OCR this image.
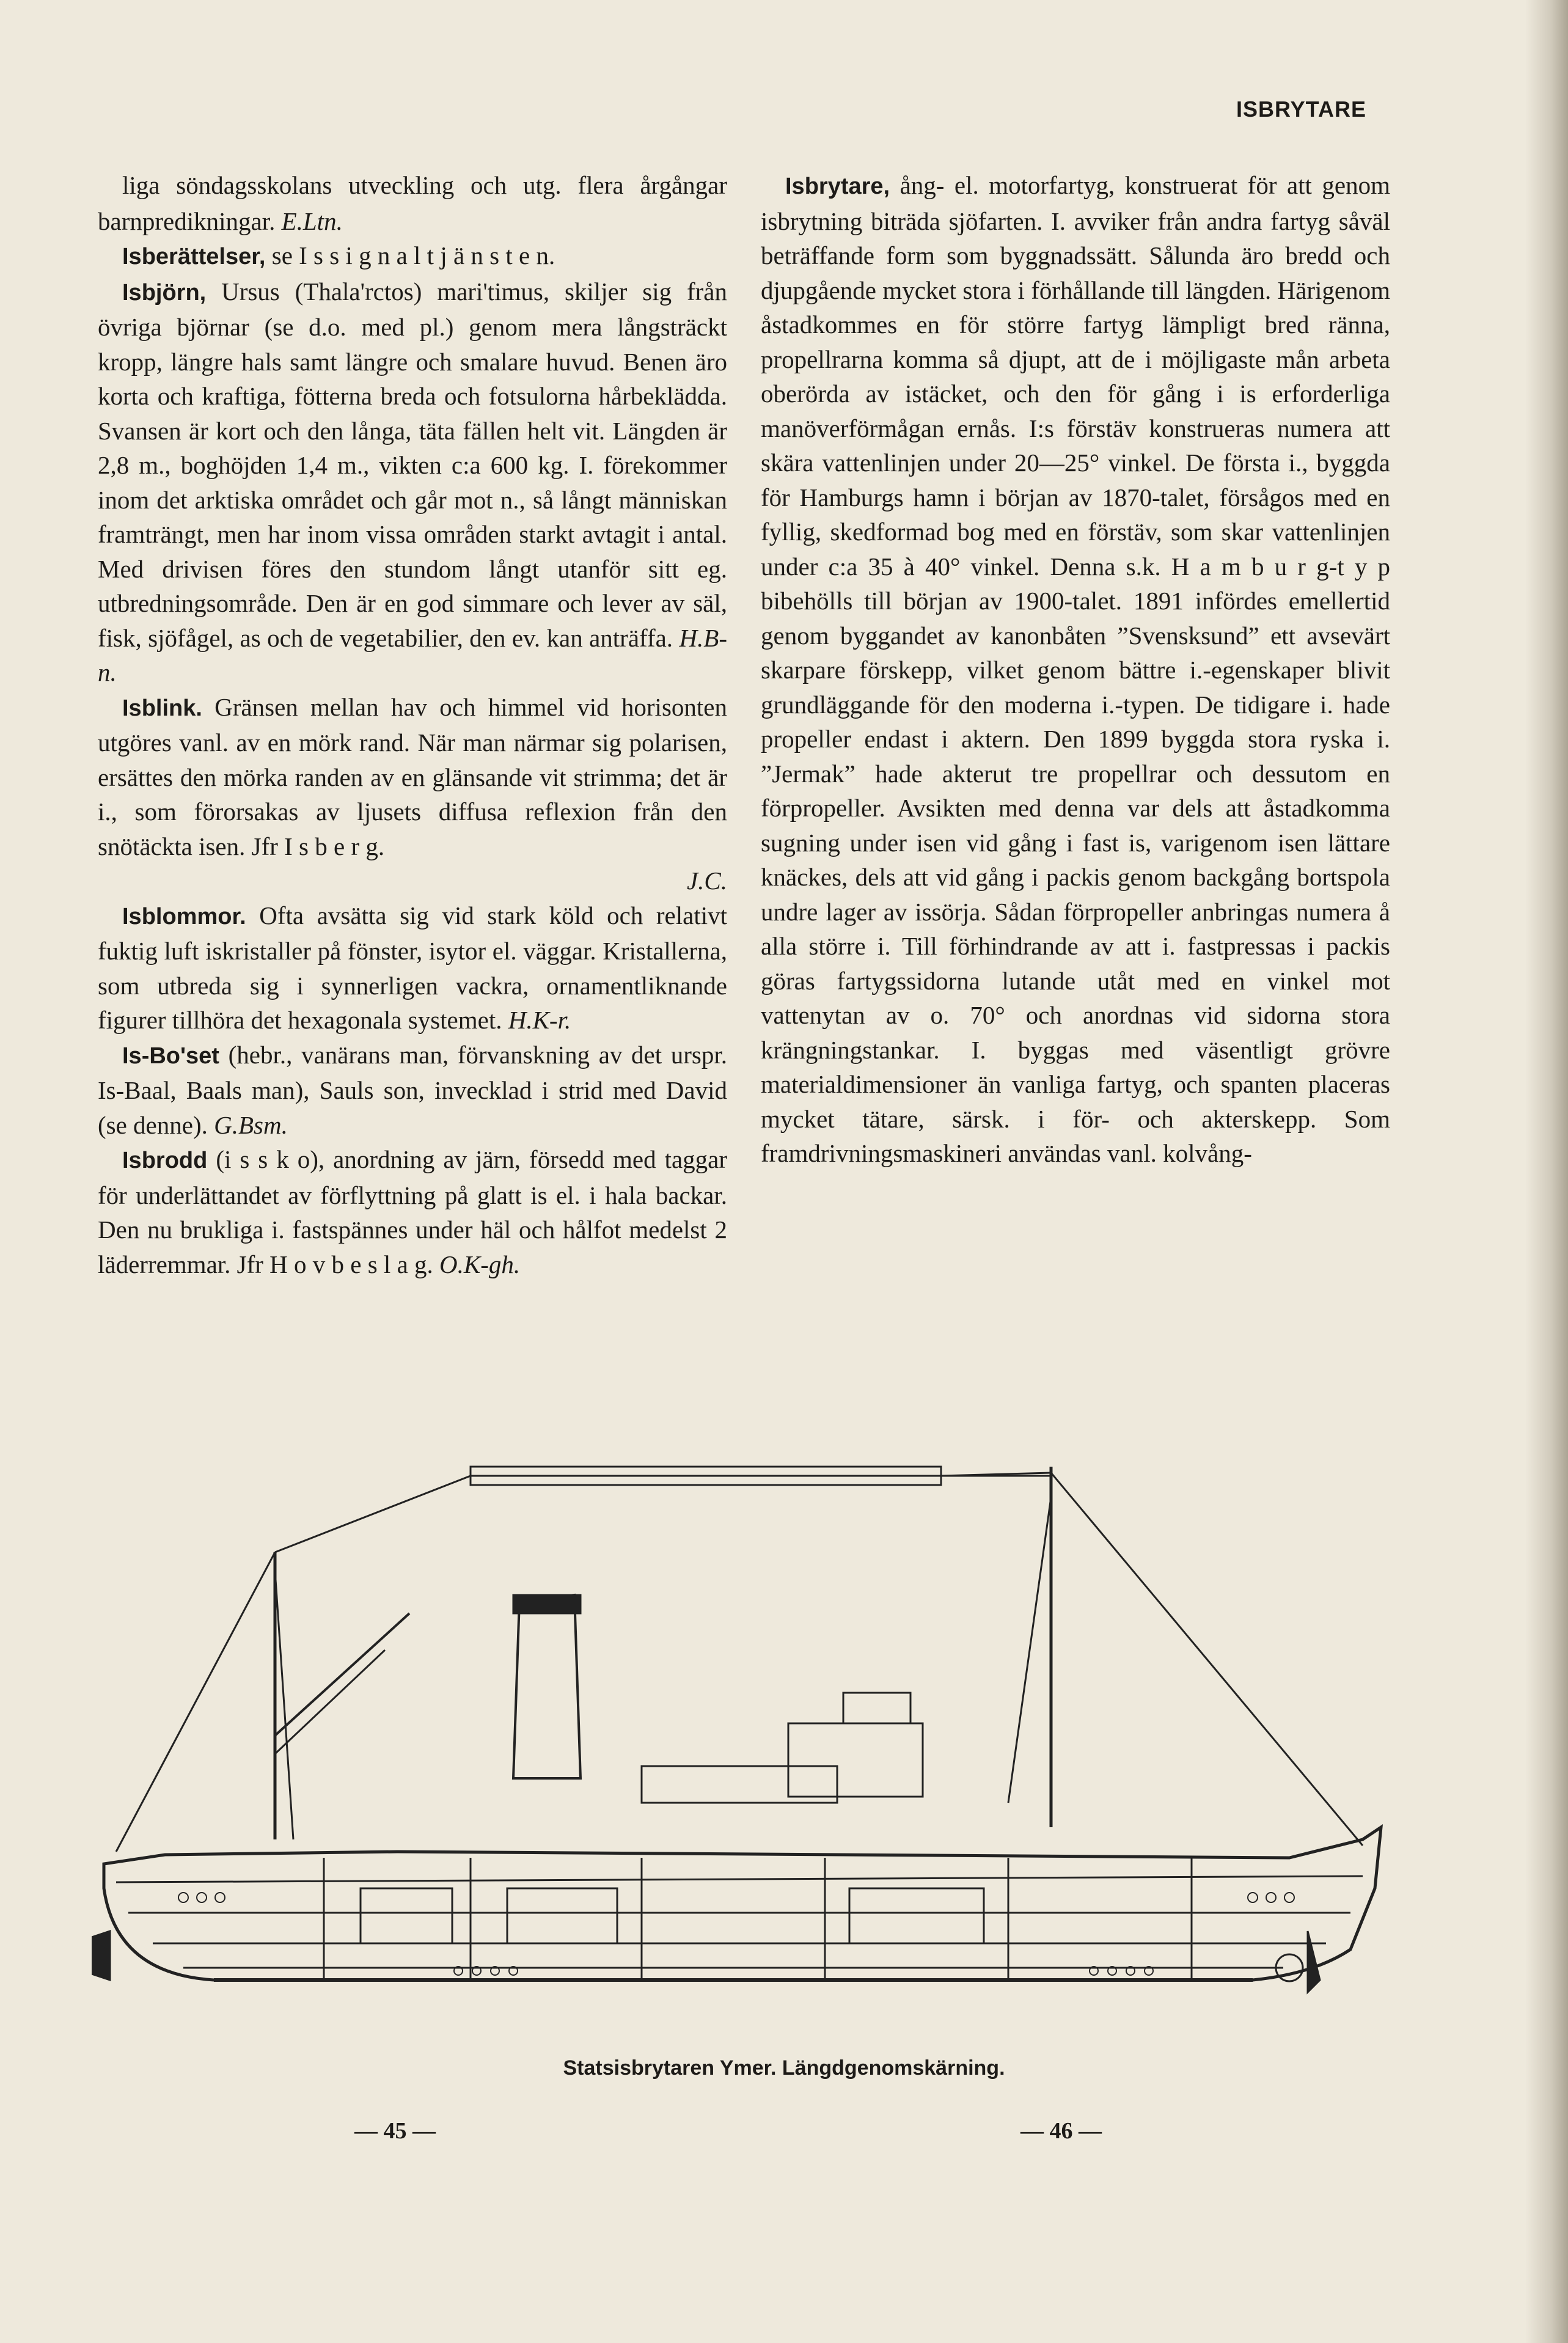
ISBRYTARE

liga söndagsskolans utveckling och utg. flera årgångar barnpredikningar. E.Ltn.

Isberättelser, se I s s i g n a l t j ä n s t e n.

Isbjörn, Ursus (Thala'rctos) mari'timus, skiljer sig från övriga björnar (se d.o. med pl.) genom mera långsträckt kropp, längre hals samt längre och smalare huvud. Benen äro korta och kraftiga, fötterna breda och fotsulorna hårbeklädda. Svansen är kort och den långa, täta fällen helt vit. Längden är 2,8 m., boghöjden 1,4 m., vikten c:a 600 kg. I. förekommer inom det arktiska området och går mot n., så långt människan framträngt, men har inom vissa områden starkt avtagit i antal. Med drivisen föres den stundom långt utanför sitt eg. utbredningsområde. Den är en god simmare och lever av säl, fisk, sjöfågel, as och de vegetabilier, den ev. kan anträffa. H.B-n.

Isblink. Gränsen mellan hav och himmel vid horisonten utgöres vanl. av en mörk rand. När man närmar sig polarisen, ersättes den mörka randen av en glänsande vit strimma; det är i., som förorsakas av ljusets diffusa reflexion från den snötäckta isen. Jfr I s b e r g.
J.C.

Isblommor. Ofta avsätta sig vid stark köld och relativt fuktig luft iskristaller på fönster, isytor el. väggar. Kristallerna, som utbreda sig i synnerligen vackra, ornamentliknande figurer tillhöra det hexagonala systemet. H.K-r.

Is-Bo'set (hebr., vanärans man, förvanskning av det urspr. Is-Baal, Baals man), Sauls son, invecklad i strid med David (se denne). G.Bsm.

Isbrodd (i s s k o), anordning av järn, försedd med taggar för underlättandet av förflyttning på glatt is el. i hala backar. Den nu brukliga i. fastspännes under häl och hålfot medelst 2 läderremmar. Jfr H o v b e s l a g. O.K-gh.

Isbrytare, ång- el. motorfartyg, konstruerat för att genom isbrytning biträda sjöfarten. I. avviker från andra fartyg såväl beträffande form som byggnadssätt. Sålunda äro bredd och djupgående mycket stora i förhållande till längden. Härigenom åstadkommes en för större fartyg lämpligt bred ränna, propellrarna komma så djupt, att de i möjligaste mån arbeta oberörda av istäcket, och den för gång i is erforderliga manöverförmågan ernås. I:s förstäv konstrueras numera att skära vattenlinjen under 20—25° vinkel. De första i., byggda för Hamburgs hamn i början av 1870-talet, försågos med en fyllig, skedformad bog med en förstäv, som skar vattenlinjen under c:a 35 à 40° vinkel. Denna s.k. H a m b u r g-t y p bibehölls till början av 1900-talet. 1891 infördes emellertid genom byggandet av kanonbåten ”Svensksund” ett avsevärt skarpare förskepp, vilket genom bättre i.-egenskaper blivit grundläggande för den moderna i.-typen. De tidigare i. hade propeller endast i aktern. Den 1899 byggda stora ryska i. ”Jermak” hade akterut tre propellrar och dessutom en förpropeller. Avsikten med denna var dels att åstadkomma sugning under isen vid gång i fast is, varigenom isen lättare knäckes, dels att vid gång i packis genom backgång bortspola undre lager av issörja. Sådan förpropeller anbringas numera å alla större i. Till förhindrande av att i. fastpressas i packis göras fartygssidorna lutande utåt med en vinkel mot vattenytan av o. 70° och anordnas vid sidorna stora krängningstankar. I. byggas med väsentligt grövre materialdimensioner än vanliga fartyg, och spanten placeras mycket tätare, särsk. i för- och akterskepp. Som framdrivningsmaskineri användas vanl. kolvång-

Statsisbrytaren Ymer. Längdgenomskärning.
— 45 —	— 46 —
